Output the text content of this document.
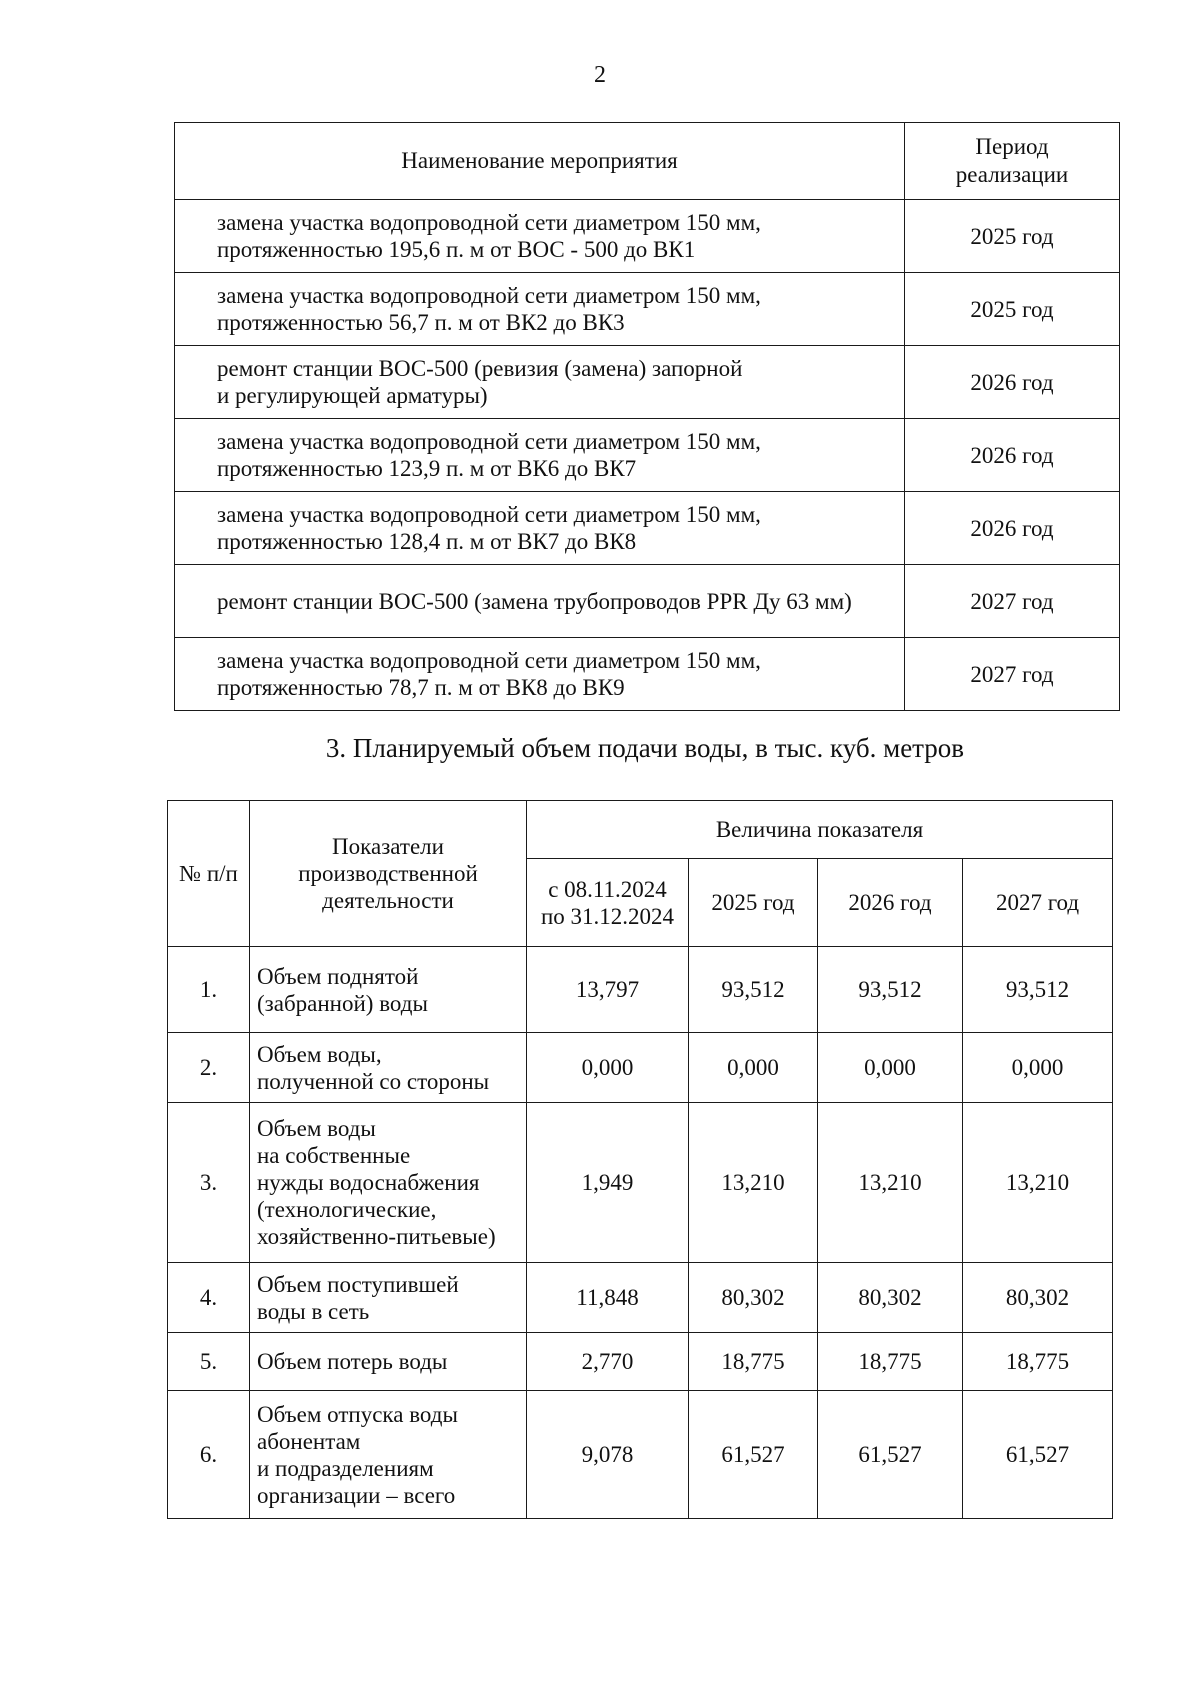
2
Наименование мероприятия	Период
реализации

замена участка водопроводной сети диаметром 150 мм,
протяженностью 195,6 п. м от ВОС - 500 до ВК1	2025 год

замена участка водопроводной сети диаметром 150 мм,
протяженностью 56,7 п. м от ВК2 до ВК3	2025 год

ремонт станции ВОС-500 (ревизия (замена) запорной
и регулирующей арматуры)	2026 год

замена участка водопроводной сети диаметром 150 мм,
протяженностью 123,9 п. м от ВК6 до ВК7	2026 год

замена участка водопроводной сети диаметром 150 мм,
протяженностью 128,4 п. м от ВК7 до ВК8	2026 год

ремонт станции ВОС-500 (замена трубопроводов PPR Ду 63 мм)	2027 год

замена участка водопроводной сети диаметром 150 мм,
протяженностью 78,7 п. м от ВК8 до ВК9	2027 год
3. Планируемый объем подачи воды, в тыс. куб. метров
№ п/п	Показатели
производственной
деятельности	Величина показателя			

		с 08.11.2024
по 31.12.2024	2025 год	2026 год	2027 год
1.	Объем поднятой
(забранной) воды	13,797	93,512	93,512	93,512
2.	Объем воды,
полученной со стороны	0,000	0,000	0,000	0,000
3.	Объем воды
на собственные
нужды водоснабжения
(технологические,
хозяйственно-питьевые)	1,949	13,210	13,210	13,210
4.	Объем поступившей
воды в сеть	11,848	80,302	80,302	80,302
5.	Объем потерь воды	2,770	18,775	18,775	18,775
6.	Объем отпуска воды
абонентам
и подразделениям
организации – всего	9,078	61,527	61,527	61,527
